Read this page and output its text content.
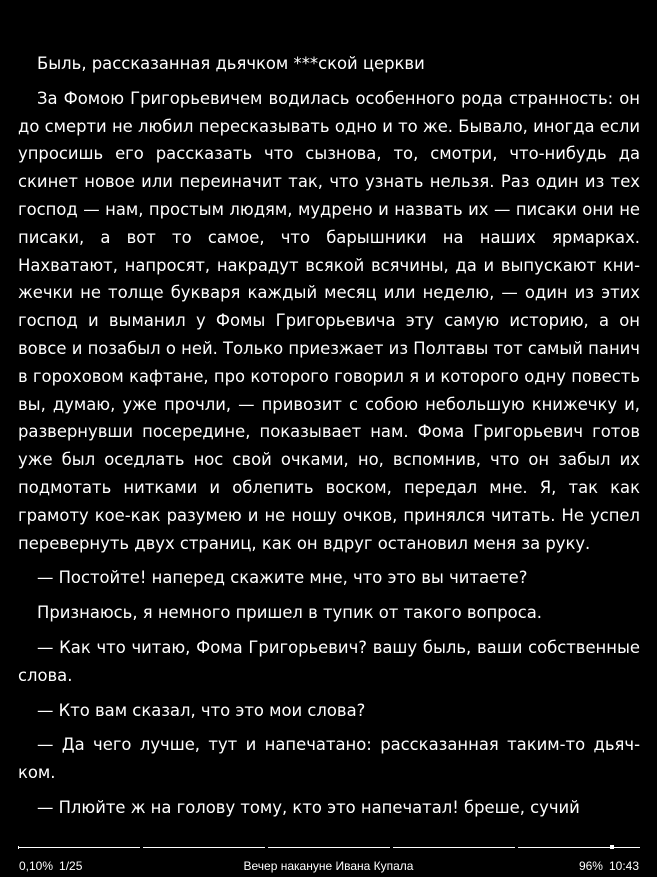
Быль, рассказанная дьячком ***ской церкви

За Фомою Григорьевичем водилась особенного рода странность: он до смерти не любил пересказывать одно и то же. Бывало, иногда если упросишь его рассказать что сызнова, то, смотри, что-нибудь да скинет новое или переиначит так, что узнать нельзя. Раз один из тех господ — нам, простым людям, мудрено и назвать их — писаки они не писаки, а вот то самое, что барышники на наших ярмарках. Нахватают, напросят, накрадут всякой всячины, да и выпускают книжечки не толще букваря каждый месяц или неделю, — один из этих господ и выманил у Фомы Григорьевича эту самую историю, а он вовсе и позабыл о ней. Только приезжает из Полтавы тот самый панич в гороховом кафтане, про которого говорил я и которого одну повесть вы, думаю, уже прочли, — привозит с собою небольшую книжечку и, развернувши посередине, показывает нам. Фома Григорьевич готов уже был оседлать нос свой очками, но, вспомнив, что он забыл их подмотать нитками и облепить воском, передал мне. Я, так как грамоту кое-как разумею и не ношу очков, принялся читать. Не успел перевернуть двух страниц, как он вдруг остановил меня за руку.

— Постойте! наперед скажите мне, что это вы читаете?

Признаюсь, я немного пришел в тупик от такого вопроса.

— Как что читаю, Фома Григорьевич? вашу быль, ваши собственные слова.

— Кто вам сказал, что это мои слова?

— Да чего лучше, тут и напечатано: рассказанная таким-то дьячком.

— Плюйте ж на голову тому, кто это напечатал! брешe, сучий

0,10% 1/25	Вечер накануне Ивана Купала	96% 10:43
